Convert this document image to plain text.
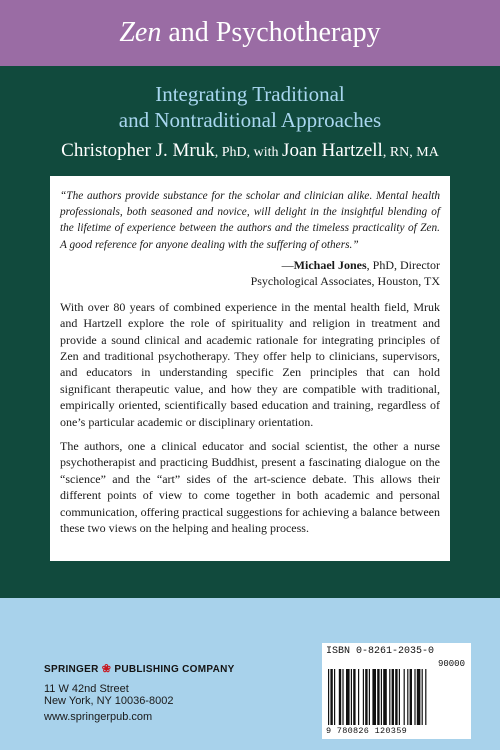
Zen and Psychotherapy
Integrating Traditional
and Nontraditional Approaches
Christopher J. Mruk, PhD, with Joan Hartzell, RN, MA

“The authors provide substance for the scholar and clinician alike. Mental health professionals, both seasoned and novice, will delight in the insightful blending of the lifetime of experience between the authors and the timeless practicality of Zen. A good reference for anyone dealing with the suffering of others.”

—Michael Jones, PhD, Director
Psychological Associates, Houston, TX

With over 80 years of combined experience in the mental health field, Mruk and Hartzell explore the role of spirituality and religion in treatment and provide a sound clinical and academic rationale for integrating principles of Zen and traditional psychotherapy. They offer help to clinicians, supervisors, and educators in understanding specific Zen principles that can hold significant therapeutic value, and how they are compatible with traditional, empirically oriented, scientifically based education and training, regardless of one’s particular academic or disciplinary orientation.

The authors, one a clinical educator and social scientist, the other a nurse psychotherapist and practicing Buddhist, present a fascinating dialogue on the “science” and the “art” sides of the art-science debate. This allows their different points of view to come together in both academic and personal communication, offering practical suggestions for achieving a balance between these two views on the helping and healing process.

SPRINGER ❀ PUBLISHING COMPANY
11 W 42nd Street
New York, NY 10036-8002
www.springerpub.com
ISBN 0-8261-2035-0
90000
9 780826 120359
